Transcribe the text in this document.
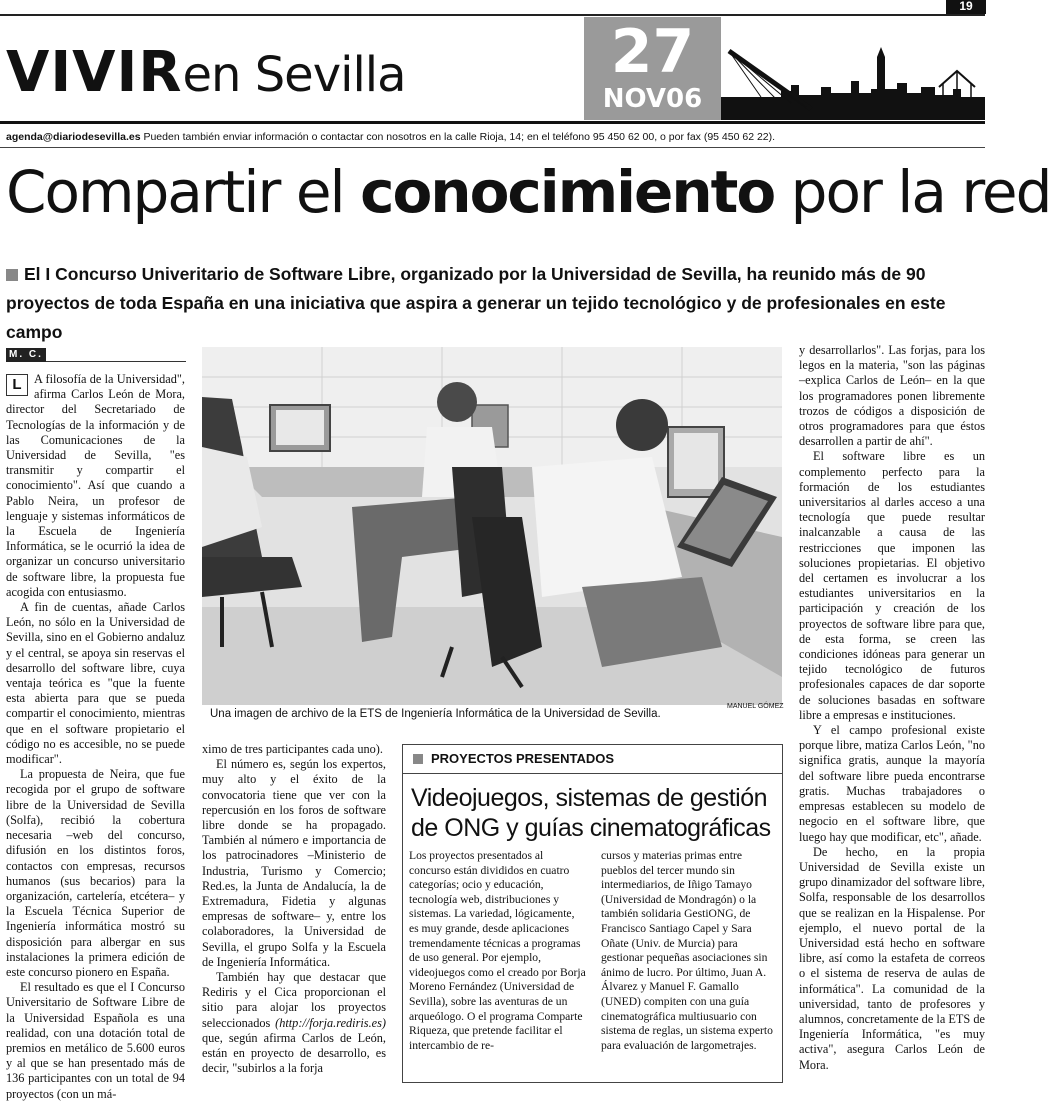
19
VIVIRen Sevilla	27
NOV06
agenda@diariodesevilla.es Pueden también enviar información o contactar con nosotros en la calle Rioja, 14; en el teléfono 95 450 62 00, o por fax (95 450 62 22).
Compartir el conocimiento por la red
El I Concurso Univeritario de Software Libre, organizado por la Universidad de Sevilla, ha reunido más de 90 proyectos de toda España en una iniciativa que aspira a generar un tejido tecnológico y de profesionales en este campo
M. C.

L	A filosofía de la Universidad", afirma Carlos León de Mora, director del Secretariado de Tecnologías de la información y de las Comunicaciones de la Universidad de Sevilla, "es transmitir y compartir el conocimiento". Así que cuando a Pablo Neira, un profesor de lenguaje y sistemas informáticos de la Escuela de Ingeniería Informática, se le ocurrió la idea de organizar un concurso universitario de software libre, la propuesta fue acogida con entusiasmo.

A fin de cuentas, añade Carlos León, no sólo en la Universidad de Sevilla, sino en el Gobierno andaluz y el central, se apoya sin reservas el desarrollo del software libre, cuya ventaja teórica es "que la fuente esta abierta para que se pueda compartir el conocimiento, mientras que en el software propietario el código no es accesible, no se puede modificar".

La propuesta de Neira, que fue recogida por el grupo de software libre de la Universidad de Sevilla (Solfa), recibió la cobertura necesaria –web del concurso, difusión en los distintos foros, contactos con empresas, recursos humanos (sus becarios) para la organización, cartelería, etcétera– y la Escuela Técnica Superior de Ingeniería informática mostró su disposición para albergar en sus instalaciones la primera edición de este concurso pionero en España.

El resultado es que el I Concurso Universitario de Software Libre de la Universidad Española es una realidad, con una dotación total de premios en metálico de 5.600 euros y al que se han presentado más de 136 participantes con un total de 94 proyectos (con un má-

MANUEL GÓMEZ
Una imagen de archivo de la ETS de Ingeniería Informática de la Universidad de Sevilla.

ximo de tres participantes cada uno).

El número es, según los expertos, muy alto y el éxito de la convocatoria tiene que ver con la repercusión en los foros de software libre donde se ha propagado. También al número e importancia de los patrocinadores –Ministerio de Industria, Turismo y Comercio; Red.es, la Junta de Andalucía, la de Extremadura, Fidetia y algunas empresas de software– y, entre los colaboradores, la Universidad de Sevilla, el grupo Solfa y la Escuela de Ingeniería Informática.

También hay que destacar que Rediris y el Cica proporcionan el sitio para alojar los proyectos seleccionados (http://forja.rediris.es) que, según afirma Carlos de León, están en proyecto de desarrollo, es decir, "subirlos a la forja

PROYECTOS PRESENTADOS
Videojuegos, sistemas de gestión de ONG y guías cinematográficas
Los proyectos presentados al concurso están divididos en cuatro categorías; ocio y educación, tecnología web, distribuciones y sistemas. La variedad, lógicamente, es muy grande, desde aplicaciones tremendamente técnicas a programas de uso general. Por ejemplo, videojuegos como el creado por Borja Moreno Fernández (Universidad de Sevilla), sobre las aventuras de un arqueólogo. O el programa Comparte Riqueza, que pretende facilitar el intercambio de re-
cursos y materias primas entre pueblos del tercer mundo sin intermediarios, de Iñigo Tamayo (Universidad de Mondragón) o la también solidaria GestiONG, de Francisco Santiago Capel y Sara Oñate (Univ. de Murcia) para gestionar pequeñas asociaciones sin ánimo de lucro. Por último, Juan A. Álvarez y Manuel F. Gamallo (UNED) compiten con una guía cinematográfica multiusuario con sistema de reglas, un sistema experto para evaluación de largometrajes.

y desarrollarlos". Las forjas, para los legos en la materia, "son las páginas –explica Carlos de León– en la que los programadores ponen libremente trozos de códigos a disposición de otros programadores para que éstos desarrollen a partir de ahí".

El software libre es un complemento perfecto para la formación de los estudiantes universitarios al darles acceso a una tecnología que puede resultar inalcanzable a causa de las restricciones que imponen las soluciones propietarias. El objetivo del certamen es involucrar a los estudiantes universitarios en la participación y creación de los proyectos de software libre para que, de esta forma, se creen las condiciones idóneas para generar un tejido tecnológico de futuros profesionales capaces de dar soporte de soluciones basadas en software libre a empresas e instituciones.

Y el campo profesional existe porque libre, matiza Carlos León, "no significa gratis, aunque la mayoría del software libre pueda encontrarse gratis. Muchas trabajadores o empresas establecen su modelo de negocio en el software libre, que luego hay que modificar, etc", añade.

De hecho, en la propia Universidad de Sevilla existe un grupo dinamizador del software libre, Solfa, responsable de los desarrollos que se realizan en la Hispalense. Por ejemplo, el nuevo portal de la Universidad está hecho en software libre, así como la estafeta de correos o el sistema de reserva de aulas de informática". La comunidad de la universidad, tanto de profesores y alumnos, concretamente de la ETS de Ingeniería Informática, "es muy activa", asegura Carlos León de Mora.
